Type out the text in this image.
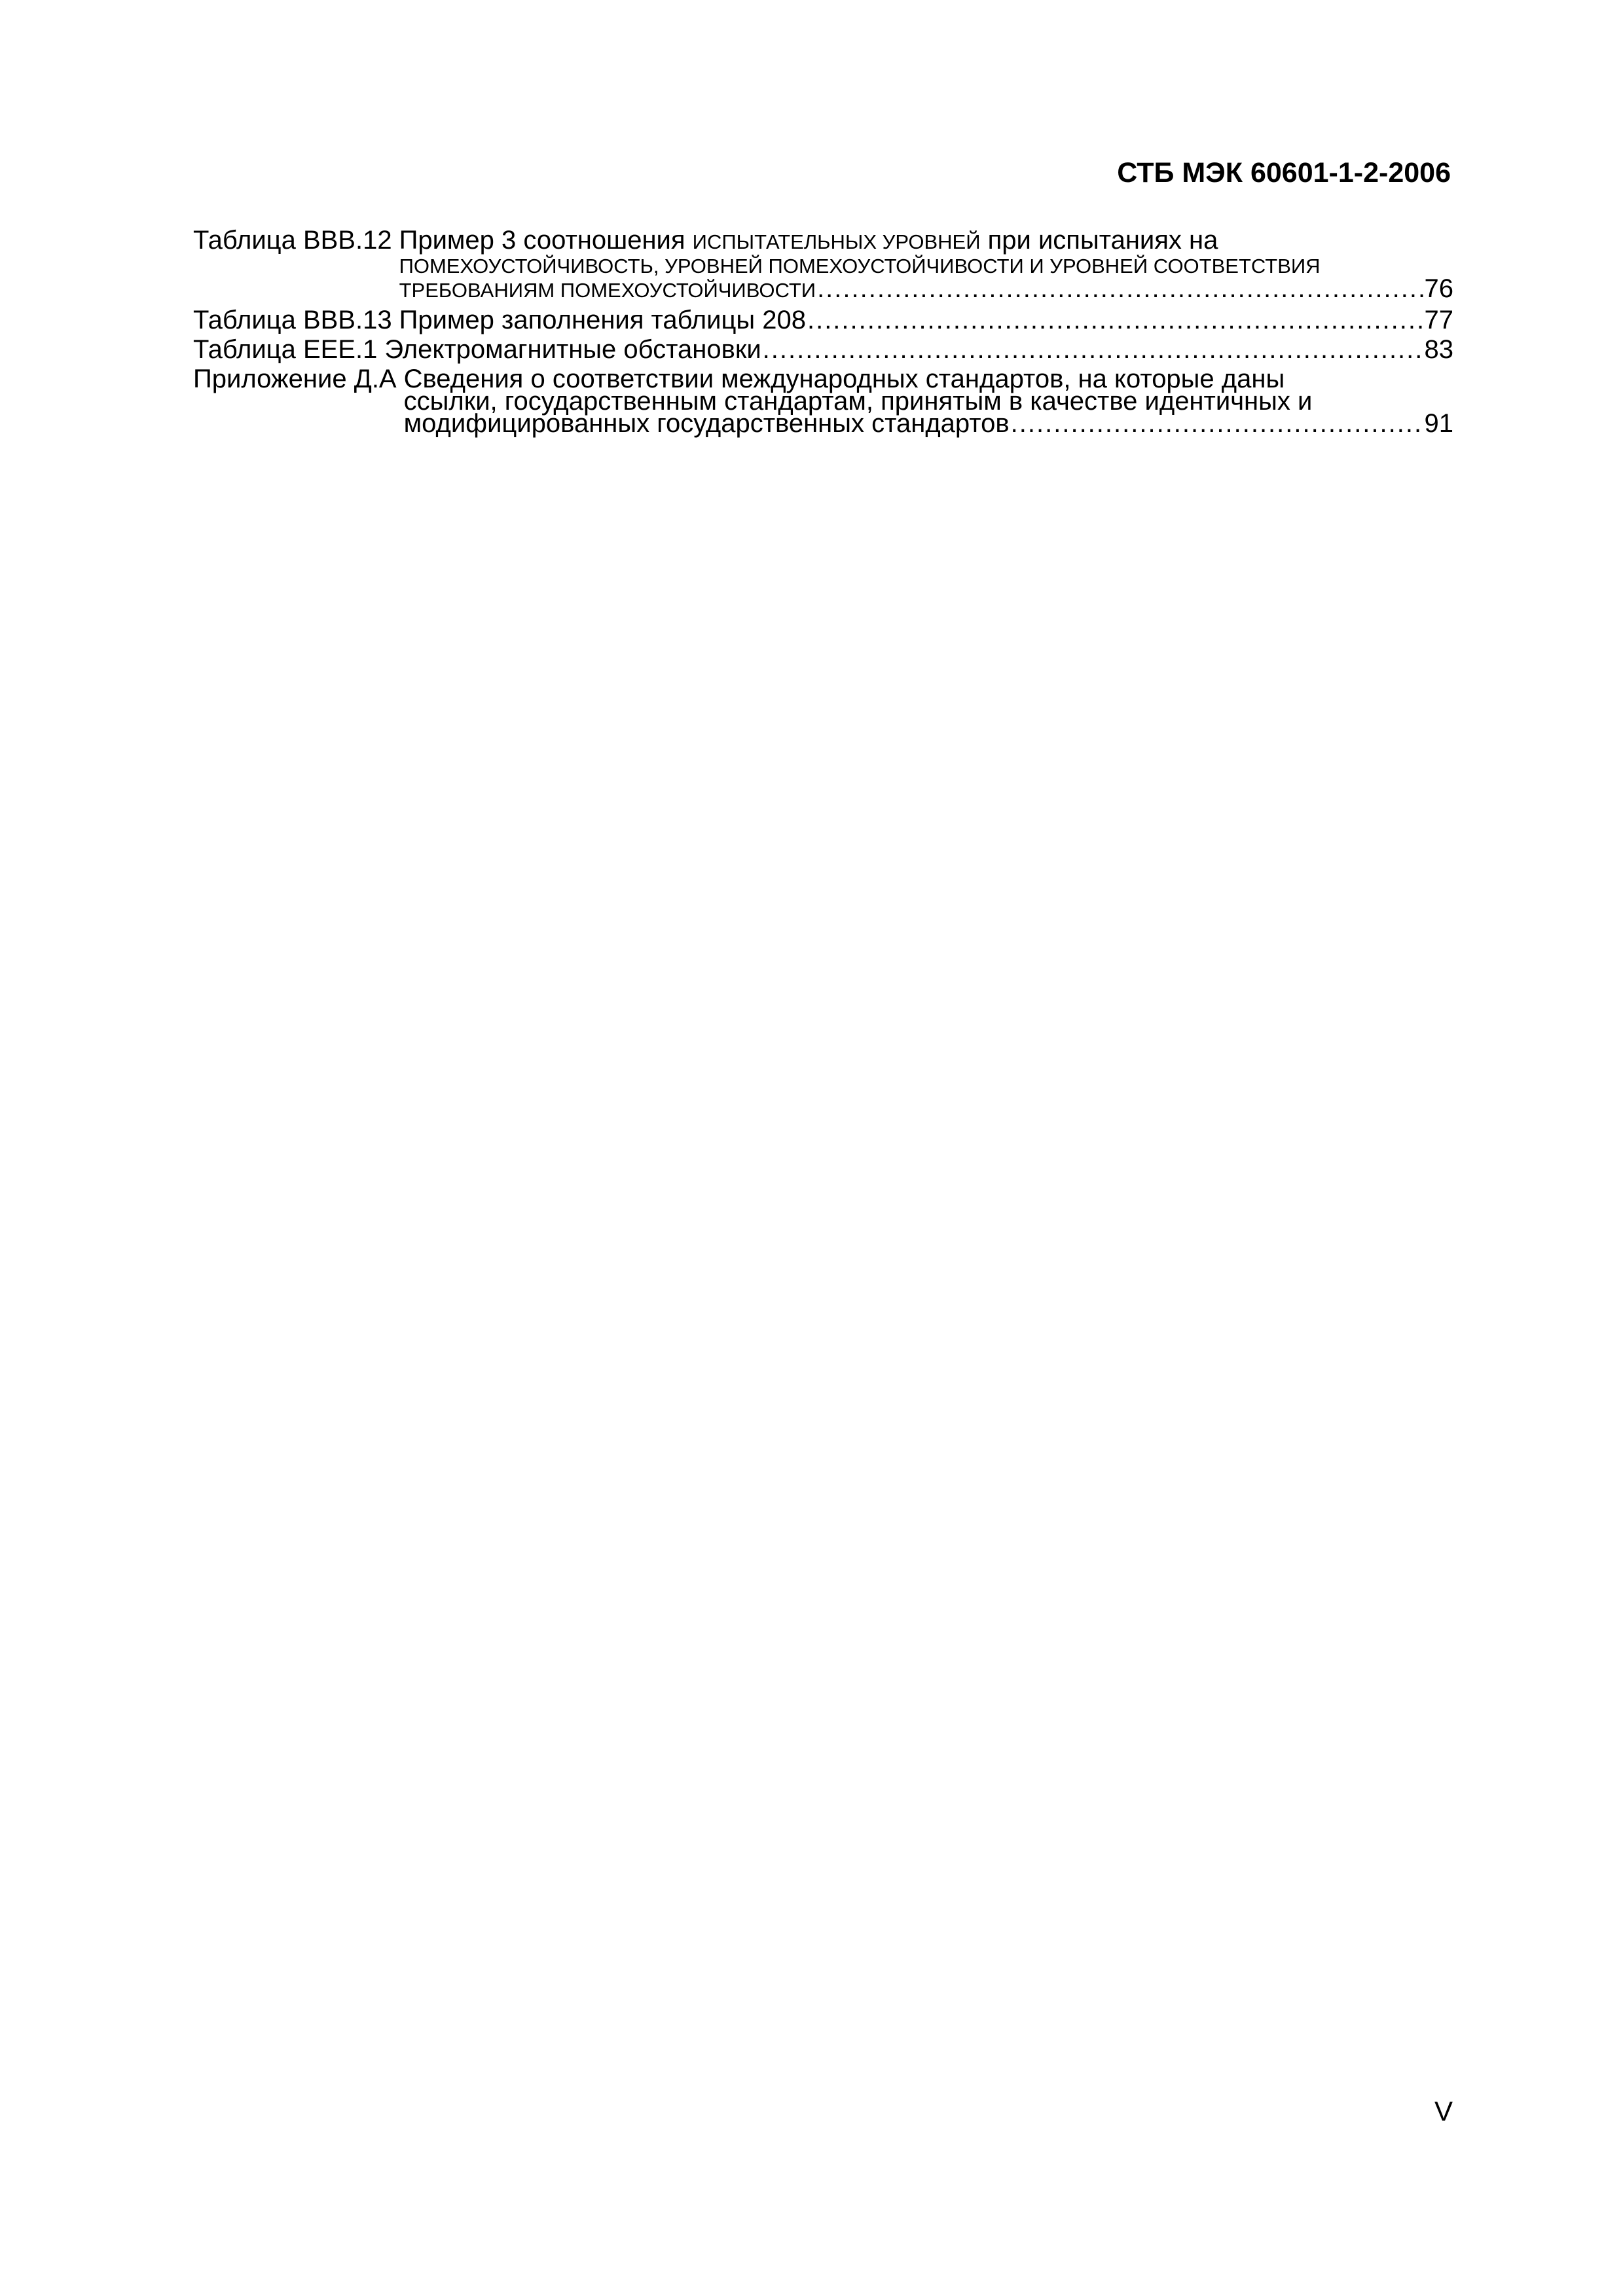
СТБ МЭК 60601-1-2-2006
Таблица ВВВ.12 Пример 3 соотношения ИСПЫТАТЕЛЬНЫХ УРОВНЕЙ при испытаниях на
ПОМЕХОУСТОЙЧИВОСТЬ, УРОВНЕЙ ПОМЕХОУСТОЙЧИВОСТИ И УРОВНЕЙ СООТВЕТСТВИЯ
ТРЕБОВАНИЯМ ПОМЕХОУСТОЙЧИВОСТИ .....	76
Таблица ВВВ.13 Пример заполнения таблицы 208 .....	77
Таблица ЕЕЕ.1 Электромагнитные обстановки .....	83
Приложение Д.А Сведения о соответствии международных стандартов, на которые даны
ссылки, государственным стандартам, принятым в качестве идентичных и
модифицированных государственных стандартов .....	91
V
